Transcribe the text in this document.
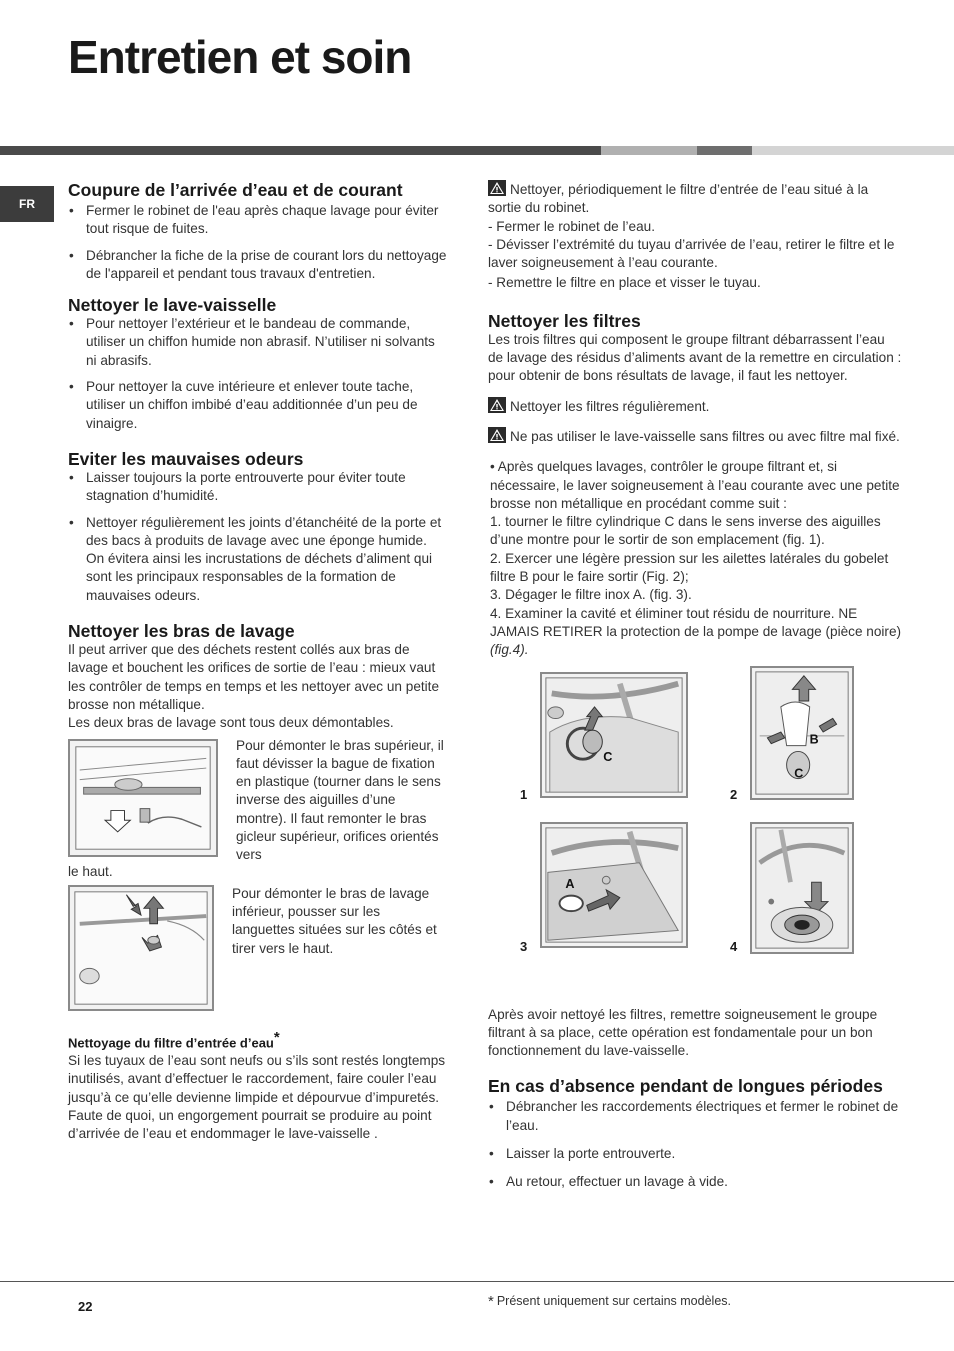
Entretien et soin
FR
Coupure de l’arrivée d’eau et de courant
• Fermer le robinet de l'eau après chaque lavage pour éviter tout risque de fuites.
• Débrancher la fiche de la prise de courant lors du nettoyage de l'appareil et pendant tous travaux d'entretien.
Nettoyer le lave-vaisselle
• Pour nettoyer l’extérieur et le bandeau de commande, utiliser un chiffon humide non abrasif. N’utiliser ni solvants ni abrasifs.
• Pour nettoyer la cuve intérieure et enlever toute tache, utiliser un chiffon imbibé d’eau additionnée d’un peu de vinaigre.
Eviter les mauvaises odeurs
• Laisser toujours la porte entrouverte pour éviter toute stagnation d’humidité.
• Nettoyer régulièrement les joints d’étanchéité de la porte et des bacs à produits de lavage avec une éponge humide. On évitera ainsi les incrustations de déchets d’aliment qui sont les principaux responsables de la formation de mauvaises odeurs.
Nettoyer les bras de lavage

Il peut arriver que des déchets restent collés aux bras de lavage et bouchent les orifices de sortie de l’eau : mieux vaut les contrôler de temps en temps et les nettoyer avec un petite brosse non métallique.

Les deux bras de lavage sont tous deux démontables.

Pour démonter le bras supérieur, il faut dévisser la bague de fixation en plastique (tourner dans le sens inverse des aiguilles d’une montre). Il faut remonter le bras gicleur supérieur, orifices orientés vers

le haut.

Pour démonter le bras de lavage inférieur, pousser sur les languettes situées sur les côtés et tirer vers le haut.

Nettoyage du filtre d’entrée d’eau*

Si les tuyaux de l’eau sont neufs ou s’ils sont restés longtemps inutilisés, avant d’effectuer le raccordement, faire couler l’eau jusqu’à ce qu’elle devienne limpide et dépourvue d’impuretés. Faute de quoi, un engorgement pourrait se produire au point d’arrivée de l’eau et endommager le lave-vaisselle .

Nettoyer, périodiquement le filtre d’entrée de l’eau situé à la sortie du robinet.

- Fermer le robinet de l’eau.

- Dévisser l’extrémité du tuyau d’arrivée de l’eau, retirer le filtre et le laver soigneusement à l’eau courante.

- Remettre le filtre en place et visser le tuyau.

Nettoyer les filtres

Les trois filtres qui composent le groupe filtrant débarrassent l’eau de lavage des résidus d’aliments avant de la remettre en circulation : pour obtenir de bons résultats de lavage, il faut les nettoyer.

Nettoyer les filtres régulièrement.

Ne pas utiliser le lave-vaisselle sans filtres ou avec filtre mal fixé.

• Après quelques lavages, contrôler le groupe filtrant et, si nécessaire, le laver soigneusement à l’eau courante avec une petite brosse non métallique en procédant comme suit :

1. tourner le filtre cylindrique C dans le sens inverse des aiguilles d’une montre pour le sortir de son emplacement (fig. 1).

2. Exercer une légère pression sur les ailettes latérales du gobelet filtre B pour le faire sortir (Fig. 2);

3. Dégager le filtre inox A. (fig. 3).

4. Examiner la cavité et éliminer tout résidu de nourriture. NE JAMAIS RETIRER la protection de la pompe de lavage (pièce noire) (fig.4).

C
1
B
C
2
A
3	4

Après avoir nettoyé les filtres, remettre soigneusement le groupe filtrant à sa place, cette opération est fondamentale pour un bon fonctionnement du lave-vaisselle.

En cas d’absence pendant de longues périodes
• Débrancher les raccordements électriques et fermer le robinet de l’eau.
• Laisser la porte entrouverte.
• Au retour, effectuer un lavage à vide.
22	* Présent uniquement sur certains modèles.
